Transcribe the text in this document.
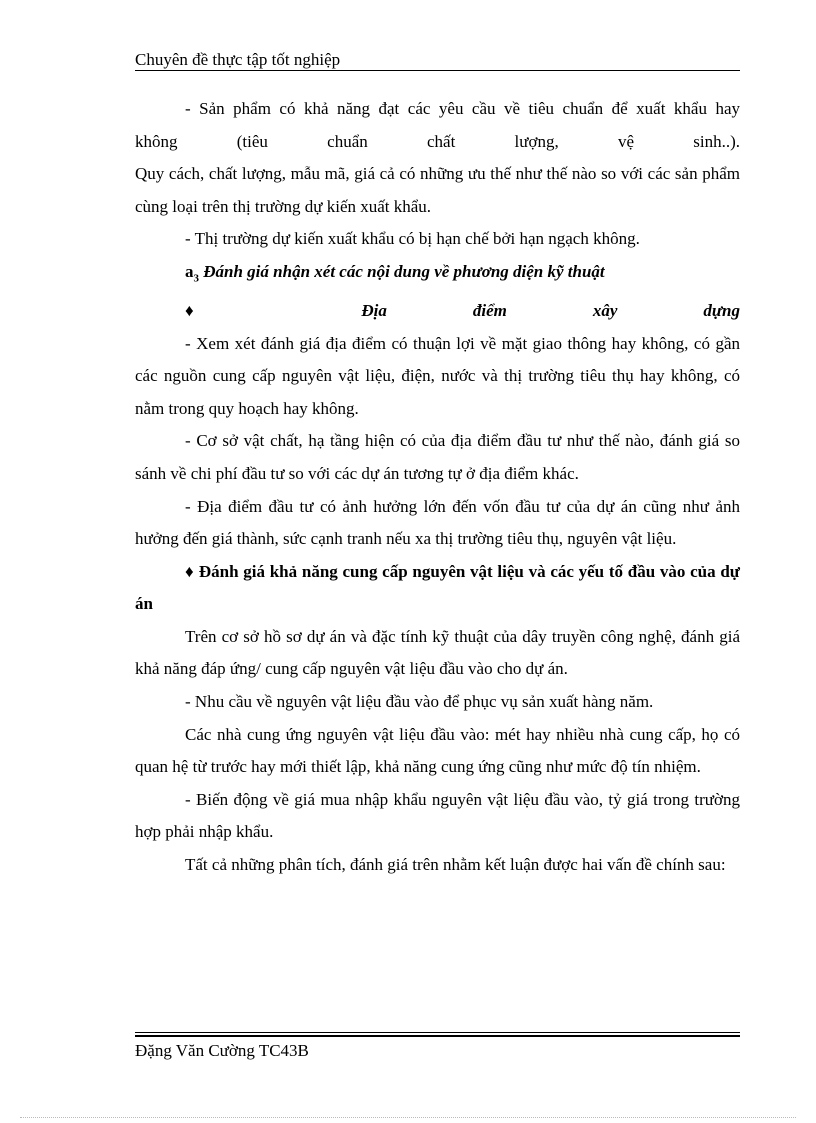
Chuyên đề thực tập tốt nghiệp

- Sản phẩm có khả năng đạt các yêu cầu về tiêu chuẩn để xuất khẩu hay

không (tiêu chuẩn chất lượng, vệ sinh..).

Quy cách, chất lượng, mẫu mã, giá cả có những ưu thế như thế nào so với các sản phẩm cùng loại trên thị trường dự kiến xuất khẩu.

- Thị trường dự kiến xuất khẩu có bị hạn chế bởi hạn ngạch không.

$a_3$ Đánh giá nhận xét các nội dung về phương diện kỹ thuật

♦ Địa điểm xây dựng

- Xem xét đánh giá địa điểm có thuận lợi về mặt giao thông hay không, có gần các nguồn cung cấp nguyên vật liệu, điện, nước và thị trường tiêu thụ hay không, có nằm trong quy hoạch hay không.

- Cơ sở vật chất, hạ tầng hiện có của địa điểm đầu tư như thế nào, đánh giá so sánh về chi phí đầu tư so với các dự án tương tự ở địa điểm khác.

- Địa điểm đầu tư có ảnh hưởng lớn đến vốn đầu tư của dự án cũng như ảnh hưởng đến giá thành, sức cạnh tranh nếu xa thị trường tiêu thụ, nguyên vật liệu.

♦ Đánh giá khả năng cung cấp nguyên vật liệu và các yếu tố đầu vào của dự án

Trên cơ sở hồ sơ dự án và đặc tính kỹ thuật của dây truyền công nghệ, đánh giá khả năng đáp ứng/ cung cấp nguyên vật liệu đầu vào cho dự án.

- Nhu cầu về nguyên vật liệu đầu vào để phục vụ sản xuất hàng năm.

Các nhà cung ứng nguyên vật liệu đầu vào: mét hay nhiều nhà cung cấp, họ có quan hệ từ trước hay mới thiết lập, khả năng cung ứng cũng như mức độ tín nhiệm.

- Biến động về giá mua nhập khẩu nguyên vật liệu đầu vào, tỷ giá trong trường hợp phải nhập khẩu.

Tất cả những phân tích, đánh giá trên nhằm kết luận được hai vấn đề chính sau:

Đặng Văn Cường TC43B
